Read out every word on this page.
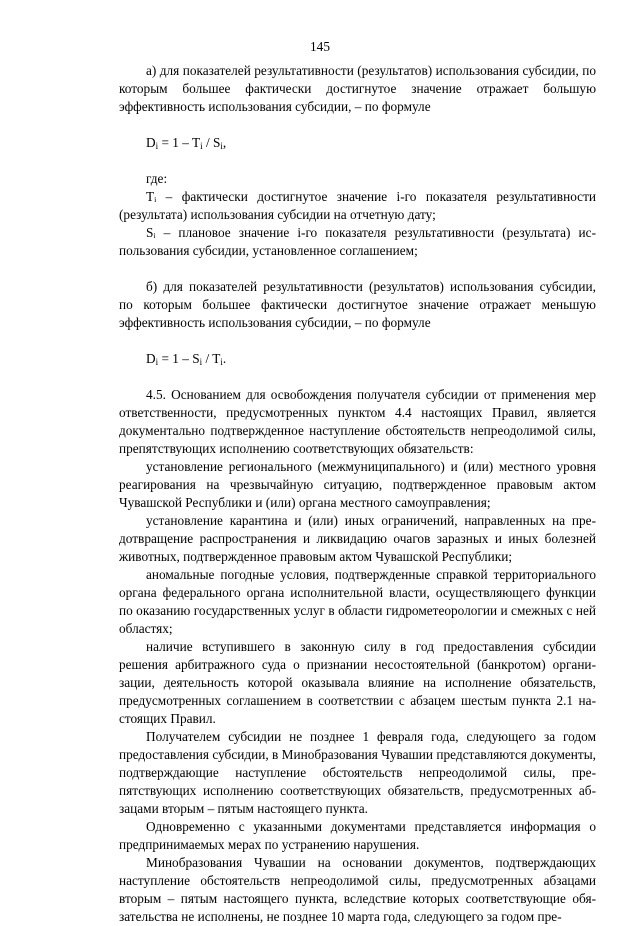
145

а) для показателей результативности (результатов) использования субсидии, по которым большее фактически достигнутое значение отражает большую эффективность использования субсидии, – по формуле

$D_i = 1 - T_i / S_i$,

где:

Tᵢ – фактически достигнутое значение i-го показателя результативности (результата) использования субсидии на отчетную дату;

Sᵢ – плановое значение i-го показателя результативности (результата) использования субсидии, установленное соглашением;

б) для показателей результативности (результатов) использования субсидии, по которым большее фактически достигнутое значение отражает меньшую эффективность использования субсидии, – по формуле

$D_i = 1 - S_i / T_i$.

4.5. Основанием для освобождения получателя субсидии от применения мер ответственности, предусмотренных пунктом 4.4 настоящих Правил, является документально подтвержденное наступление обстоятельств непреодолимой силы, препятствующих исполнению соответствующих обязательств:

установление регионального (межмуниципального) и (или) местного уровня реагирования на чрезвычайную ситуацию, подтвержденное правовым актом Чувашской Республики и (или) органа местного самоуправления;

установление карантина и (или) иных ограничений, направленных на предотвращение распространения и ликвидацию очагов заразных и иных болезней животных, подтвержденное правовым актом Чувашской Республики;

аномальные погодные условия, подтвержденные справкой территориального органа федерального органа исполнительной власти, осуществляющего функции по оказанию государственных услуг в области гидрометеорологии и смежных с ней областях;

наличие вступившего в законную силу в год предоставления субсидии решения арбитражного суда о признании несостоятельной (банкротом) организации, деятельность которой оказывала влияние на исполнение обязательств, предусмотренных соглашением в соответствии с абзацем шестым пункта 2.1 настоящих Правил.

Получателем субсидии не позднее 1 февраля года, следующего за годом предоставления субсидии, в Минобразования Чувашии представляются документы, подтверждающие наступление обстоятельств непреодолимой силы, препятствующих исполнению соответствующих обязательств, предусмотренных абзацами вторым – пятым настоящего пункта.

Одновременно с указанными документами представляется информация о предпринимаемых мерах по устранению нарушения.

Минобразования Чувашии на основании документов, подтверждающих наступление обстоятельств непреодолимой силы, предусмотренных абзацами вторым – пятым настоящего пункта, вследствие которых соответствующие обязательства не исполнены, не позднее 10 марта года, следующего за годом пре-
